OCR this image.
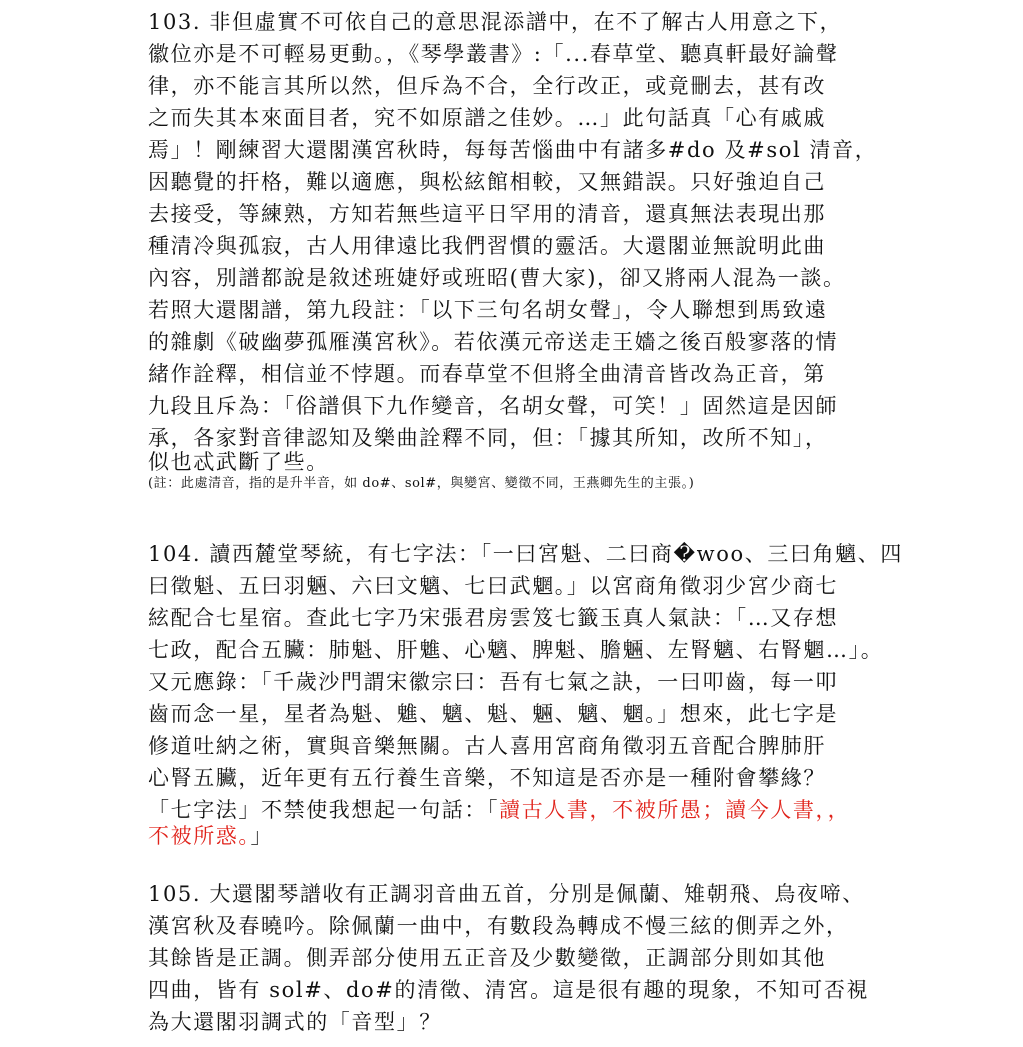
103. 非但虛實不可依自己的意思混添譜中，在不了解古人用意之下，
徽位亦是不可輕易更動。，《琴學叢書》:「...春草堂、聽真軒最好論聲
律，亦不能言其所以然，但斥為不合，全行改正，或竟刪去，甚有改
之而失其本來面目者，究不如原譜之佳妙。…」此句話真「心有戚戚
焉」！剛練習大還閣漢宮秋時，每每苦惱曲中有諸多#do 及#sol 清音，
因聽覺的扞格，難以適應，與松絃館相較，又無錯誤。只好強迫自己
去接受，等練熟，方知若無些這平日罕用的清音，還真無法表現出那
種清冷與孤寂，古人用律遠比我們習慣的靈活。大還閣並無說明此曲
內容，別譜都說是敘述班婕妤或班昭(曹大家)，卻又將兩人混為一談。
若照大還閣譜，第九段註：「以下三句名胡女聲」，令人聯想到馬致遠
的雜劇《破幽夢孤雁漢宮秋》。若依漢元帝送走王嬙之後百般寥落的情
緒作詮釋，相信並不悖題。而春草堂不但將全曲清音皆改為正音，第
九段且斥為：「俗譜俱下九作變音，名胡女聲，可笑！」固然這是因師
承，各家對音律認知及樂曲詮釋不同，但：「據其所知，改所不知」，
似也忒武斷了些。
(註：此處清音，指的是升半音，如 do#、sol#，與變宮、變徵不同，王燕卿先生的主張。)
104. 讀西麓堂琴統，有七字法：「一曰宮魁、二曰商�woo、三曰角魑、四
曰徵魁、五曰羽魎、六曰文魑、七曰武魍。」以宮商角徵羽少宮少商七
絃配合七星宿。查此七字乃宋張君房雲笈七籤玉真人氣訣：「…又存想
七政，配合五臟：肺魁、肝魋、心魑、脾魁、膽魎、左腎魑、右腎魍…」。
又元應錄：「千歲沙門謂宋徽宗曰：吾有七氣之訣，一曰叩齒，每一叩
齒而念一星，星者為魁、魋、魑、魁、魎、魑、魍。」想來，此七字是
修道吐納之術，實與音樂無關。古人喜用宮商角徵羽五音配合脾肺肝
心腎五臟，近年更有五行養生音樂，不知這是否亦是一種附會攀緣？
「七字法」不禁使我想起一句話：「讀古人書，不被所愚；讀今人書，，
不被所惑。」
105. 大還閣琴譜收有正調羽音曲五首，分別是佩蘭、雉朝飛、烏夜啼、
漢宮秋及春曉吟。除佩蘭一曲中，有數段為轉成不慢三絃的側弄之外，
其餘皆是正調。側弄部分使用五正音及少數變徵，正調部分則如其他
四曲，皆有 sol#、do#的清徵、清宮。這是很有趣的現象，不知可否視
為大還閣羽調式的「音型」？
